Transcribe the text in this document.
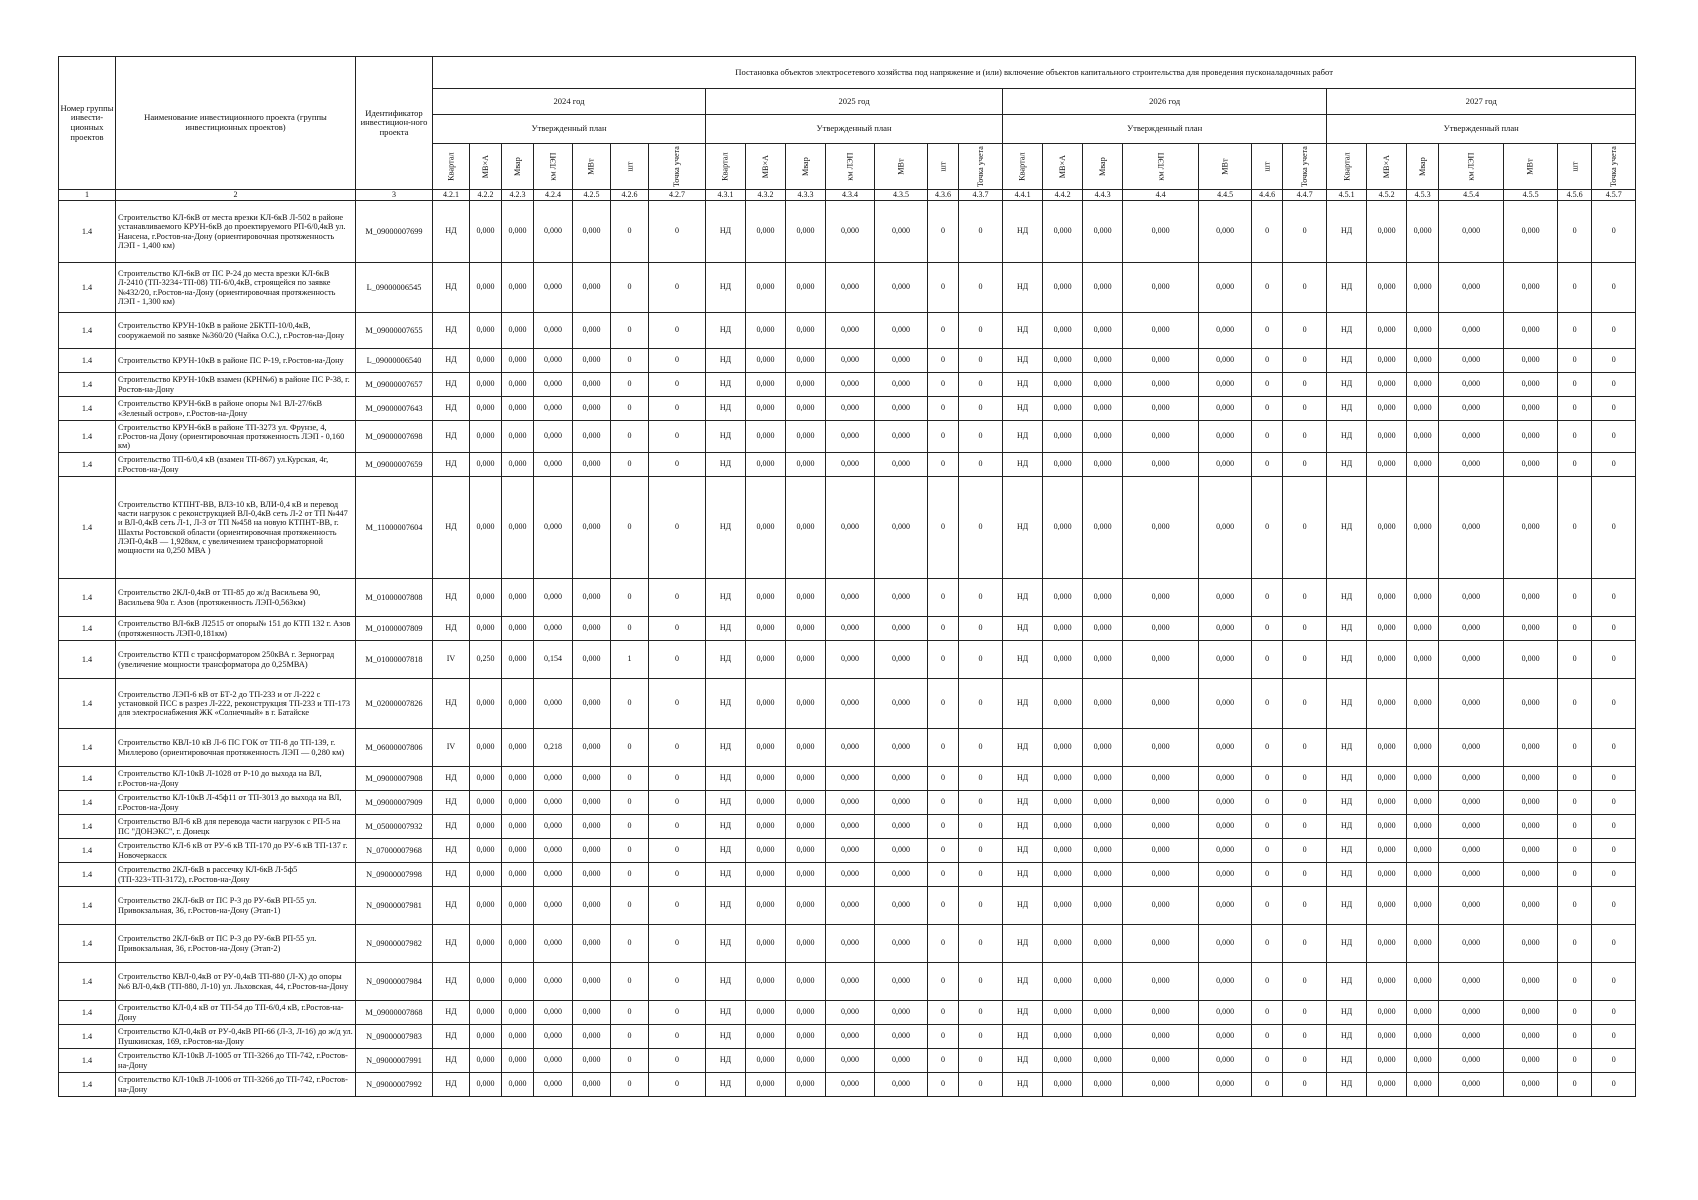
Номер группы инвести-ционных проектов	Наименование инвестиционного проекта (группы инвестиционных проектов)	Идентификатор инвестицион-ного проекта	Постановка объектов электросетевого хозяйства под напряжение и (или) включение объектов капитального строительства для проведения пусконаладочных работ																											
			2024 год							2025 год							2026 год							2027 год						
			Утвержденный план							Утвержденный план							Утвержденный план							Утвержденный план						
			Квартал	МВ×А	Мвар	км ЛЭП	МВт	шт	Точка учета	Квартал	МВ×А	Мвар	км ЛЭП	МВт	шт	Точка учета	Квартал	МВ×А	Мвар	км ЛЭП	МВт	шт	Точка учета	Квартал	МВ×А	Мвар	км ЛЭП	МВт	шт	Точка учета
1	2	3	4.2.1	4.2.2	4.2.3	4.2.4	4.2.5	4.2.6	4.2.7	4.3.1	4.3.2	4.3.3	4.3.4	4.3.5	4.3.6	4.3.7	4.4.1	4.4.2	4.4.3	4.4	4.4.5	4.4.6	4.4.7	4.5.1	4.5.2	4.5.3	4.5.4	4.5.5	4.5.6	4.5.7
1.4	Строительство КЛ-6кВ от места врезки КЛ-6кВ Л-502 в районе устанавливаемого КРУН-6кВ до проектируемого РП-6/0,4кВ ул. Нансена, г.Ростов-на-Дону (ориентировочная протяженность ЛЭП - 1,400 км)	M_09000007699	НД	0,000	0,000	0,000	0,000	0	0	НД	0,000	0,000	0,000	0,000	0	0	НД	0,000	0,000	0,000	0,000	0	0	НД	0,000	0,000	0,000	0,000	0	0
1.4	Строительство КЛ-6кВ от ПС Р-24 до места врезки КЛ-6кВ Л-2410 (ТП-3234÷ТП-08) ТП-6/0,4кВ, строящейся по заявке №432/20, г.Ростов-на-Дону (ориентировочная протяженность ЛЭП - 1,300 км)	L_09000006545	НД	0,000	0,000	0,000	0,000	0	0	НД	0,000	0,000	0,000	0,000	0	0	НД	0,000	0,000	0,000	0,000	0	0	НД	0,000	0,000	0,000	0,000	0	0
1.4	Строительство КРУН-10кВ в районе 2БКТП-10/0,4кВ, сооружаемой по заявке №360/20 (Чайка О.С.), г.Ростов-на-Дону	M_09000007655	НД	0,000	0,000	0,000	0,000	0	0	НД	0,000	0,000	0,000	0,000	0	0	НД	0,000	0,000	0,000	0,000	0	0	НД	0,000	0,000	0,000	0,000	0	0
1.4	Строительство КРУН-10кВ в районе ПС Р-19, г.Ростов-на-Дону	L_09000006540	НД	0,000	0,000	0,000	0,000	0	0	НД	0,000	0,000	0,000	0,000	0	0	НД	0,000	0,000	0,000	0,000	0	0	НД	0,000	0,000	0,000	0,000	0	0
1.4	Строительство КРУН-10кВ взамен (КРН№6) в районе ПС Р-38, г. Ростов-на-Дону	M_09000007657	НД	0,000	0,000	0,000	0,000	0	0	НД	0,000	0,000	0,000	0,000	0	0	НД	0,000	0,000	0,000	0,000	0	0	НД	0,000	0,000	0,000	0,000	0	0
1.4	Строительство КРУН-6кВ в районе опоры №1 ВЛ-27/6кВ «Зеленый остров», г.Ростов-на-Дону	M_09000007643	НД	0,000	0,000	0,000	0,000	0	0	НД	0,000	0,000	0,000	0,000	0	0	НД	0,000	0,000	0,000	0,000	0	0	НД	0,000	0,000	0,000	0,000	0	0
1.4	Строительство КРУН-6кВ в районе ТП-3273 ул. Фрунзе, 4, г.Ростов-на Дону (ориентировочная протяженность ЛЭП - 0,160 км)	M_09000007698	НД	0,000	0,000	0,000	0,000	0	0	НД	0,000	0,000	0,000	0,000	0	0	НД	0,000	0,000	0,000	0,000	0	0	НД	0,000	0,000	0,000	0,000	0	0
1.4	Строительство ТП-6/0,4 кВ (взамен ТП-867) ул.Курская, 4г, г.Ростов-на-Дону	M_09000007659	НД	0,000	0,000	0,000	0,000	0	0	НД	0,000	0,000	0,000	0,000	0	0	НД	0,000	0,000	0,000	0,000	0	0	НД	0,000	0,000	0,000	0,000	0	0
1.4	Строительство КТПНТ-ВВ, ВЛЗ-10 кВ, ВЛИ-0,4 кВ и перевод части нагрузок с реконструкцией ВЛ-0,4кВ сеть Л-2 от ТП №447 и ВЛ-0,4кВ сеть Л-1, Л-3 от ТП №458 на новую КТПНТ-ВВ, г. Шахты Ростовской области (ориентировочная протяженность ЛЭП-0,4кВ — 1,928км, с увеличением трансформаторной мощности на 0,250 МВА )	M_11000007604	НД	0,000	0,000	0,000	0,000	0	0	НД	0,000	0,000	0,000	0,000	0	0	НД	0,000	0,000	0,000	0,000	0	0	НД	0,000	0,000	0,000	0,000	0	0
1.4	Строительство 2КЛ-0,4кВ от ТП-85 до ж/д Васильева 90, Васильева 90а г. Азов (протяженность ЛЭП-0,563км)	M_01000007808	НД	0,000	0,000	0,000	0,000	0	0	НД	0,000	0,000	0,000	0,000	0	0	НД	0,000	0,000	0,000	0,000	0	0	НД	0,000	0,000	0,000	0,000	0	0
1.4	Строительство ВЛ-6кВ Л2515 от опоры№ 151 до КТП 132 г. Азов (протяженность ЛЭП-0,181км)	M_01000007809	НД	0,000	0,000	0,000	0,000	0	0	НД	0,000	0,000	0,000	0,000	0	0	НД	0,000	0,000	0,000	0,000	0	0	НД	0,000	0,000	0,000	0,000	0	0
1.4	Строительство КТП с трансформатором 250кВА г. Зерноград (увеличение мощности трансформатора до 0,25МВА)	M_01000007818	IV	0,250	0,000	0,154	0,000	1	0	НД	0,000	0,000	0,000	0,000	0	0	НД	0,000	0,000	0,000	0,000	0	0	НД	0,000	0,000	0,000	0,000	0	0
1.4	Строительство ЛЭП-6 кВ от БТ-2 до ТП-233 и от Л-222 с установкой ПСС в разрез Л-222, реконструкция ТП-233 и ТП-173 для электроснабжения ЖК «Солнечный» в г. Батайске	M_02000007826	НД	0,000	0,000	0,000	0,000	0	0	НД	0,000	0,000	0,000	0,000	0	0	НД	0,000	0,000	0,000	0,000	0	0	НД	0,000	0,000	0,000	0,000	0	0
1.4	Строительство КВЛ-10 кВ Л-6 ПС ГОК от ТП-8 до ТП-139, г. Миллерово (ориентировочная протяженность ЛЭП — 0,280 км)	M_06000007806	IV	0,000	0,000	0,218	0,000	0	0	НД	0,000	0,000	0,000	0,000	0	0	НД	0,000	0,000	0,000	0,000	0	0	НД	0,000	0,000	0,000	0,000	0	0
1.4	Строительство КЛ-10кВ Л-1028 от Р-10 до выхода на ВЛ, г.Ростов-на-Дону	M_09000007908	НД	0,000	0,000	0,000	0,000	0	0	НД	0,000	0,000	0,000	0,000	0	0	НД	0,000	0,000	0,000	0,000	0	0	НД	0,000	0,000	0,000	0,000	0	0
1.4	Строительство КЛ-10кВ Л-45ф11 от ТП-3013 до выхода на ВЛ, г.Ростов-на-Дону	M_09000007909	НД	0,000	0,000	0,000	0,000	0	0	НД	0,000	0,000	0,000	0,000	0	0	НД	0,000	0,000	0,000	0,000	0	0	НД	0,000	0,000	0,000	0,000	0	0
1.4	Строительство ВЛ-6 кВ для перевода части нагрузок с РП-5 на ПС "ДОНЭКС", г. Донецк	M_05000007932	НД	0,000	0,000	0,000	0,000	0	0	НД	0,000	0,000	0,000	0,000	0	0	НД	0,000	0,000	0,000	0,000	0	0	НД	0,000	0,000	0,000	0,000	0	0
1.4	Строительство КЛ-6 кВ от РУ-6 кВ ТП-170 до РУ-6 кВ ТП-137 г. Новочеркасск	N_07000007968	НД	0,000	0,000	0,000	0,000	0	0	НД	0,000	0,000	0,000	0,000	0	0	НД	0,000	0,000	0,000	0,000	0	0	НД	0,000	0,000	0,000	0,000	0	0
1.4	Строительство 2КЛ-6кВ в рассечку КЛ-6кВ Л-5ф5 (ТП-323÷ТП-3172), г.Ростов-на-Дону	N_09000007998	НД	0,000	0,000	0,000	0,000	0	0	НД	0,000	0,000	0,000	0,000	0	0	НД	0,000	0,000	0,000	0,000	0	0	НД	0,000	0,000	0,000	0,000	0	0
1.4	Строительство 2КЛ-6кВ от ПС Р-3 до РУ-6кВ РП-55 ул. Привокзальная, 36, г.Ростов-на-Дону (Этап-1)	N_09000007981	НД	0,000	0,000	0,000	0,000	0	0	НД	0,000	0,000	0,000	0,000	0	0	НД	0,000	0,000	0,000	0,000	0	0	НД	0,000	0,000	0,000	0,000	0	0
1.4	Строительство 2КЛ-6кВ от ПС Р-3 до РУ-6кВ РП-55 ул. Привокзальная, 36, г.Ростов-на-Дону (Этап-2)	N_09000007982	НД	0,000	0,000	0,000	0,000	0	0	НД	0,000	0,000	0,000	0,000	0	0	НД	0,000	0,000	0,000	0,000	0	0	НД	0,000	0,000	0,000	0,000	0	0
1.4	Строительство КВЛ-0,4кВ от РУ-0,4кВ ТП-880 (Л-Х) до опоры №6 ВЛ-0,4кВ (ТП-880, Л-10) ул. Льховская, 44, г.Ростов-на-Дону	N_09000007984	НД	0,000	0,000	0,000	0,000	0	0	НД	0,000	0,000	0,000	0,000	0	0	НД	0,000	0,000	0,000	0,000	0	0	НД	0,000	0,000	0,000	0,000	0	0
1.4	Строительство КЛ-0,4 кВ от ТП-54 до ТП-6/0,4 кВ, г.Ростов-на-Дону	M_09000007868	НД	0,000	0,000	0,000	0,000	0	0	НД	0,000	0,000	0,000	0,000	0	0	НД	0,000	0,000	0,000	0,000	0	0	НД	0,000	0,000	0,000	0,000	0	0
1.4	Строительство КЛ-0,4кВ от РУ-0,4кВ РП-66 (Л-3, Л-16) до ж/д ул. Пушкинская, 169, г.Ростов-на-Дону	N_09000007983	НД	0,000	0,000	0,000	0,000	0	0	НД	0,000	0,000	0,000	0,000	0	0	НД	0,000	0,000	0,000	0,000	0	0	НД	0,000	0,000	0,000	0,000	0	0
1.4	Строительство КЛ-10кВ Л-1005 от ТП-3266 до ТП-742, г.Ростов-на-Дону	N_09000007991	НД	0,000	0,000	0,000	0,000	0	0	НД	0,000	0,000	0,000	0,000	0	0	НД	0,000	0,000	0,000	0,000	0	0	НД	0,000	0,000	0,000	0,000	0	0
1.4	Строительство КЛ-10кВ Л-1006 от ТП-3266 до ТП-742, г.Ростов-на-Дону	N_09000007992	НД	0,000	0,000	0,000	0,000	0	0	НД	0,000	0,000	0,000	0,000	0	0	НД	0,000	0,000	0,000	0,000	0	0	НД	0,000	0,000	0,000	0,000	0	0
